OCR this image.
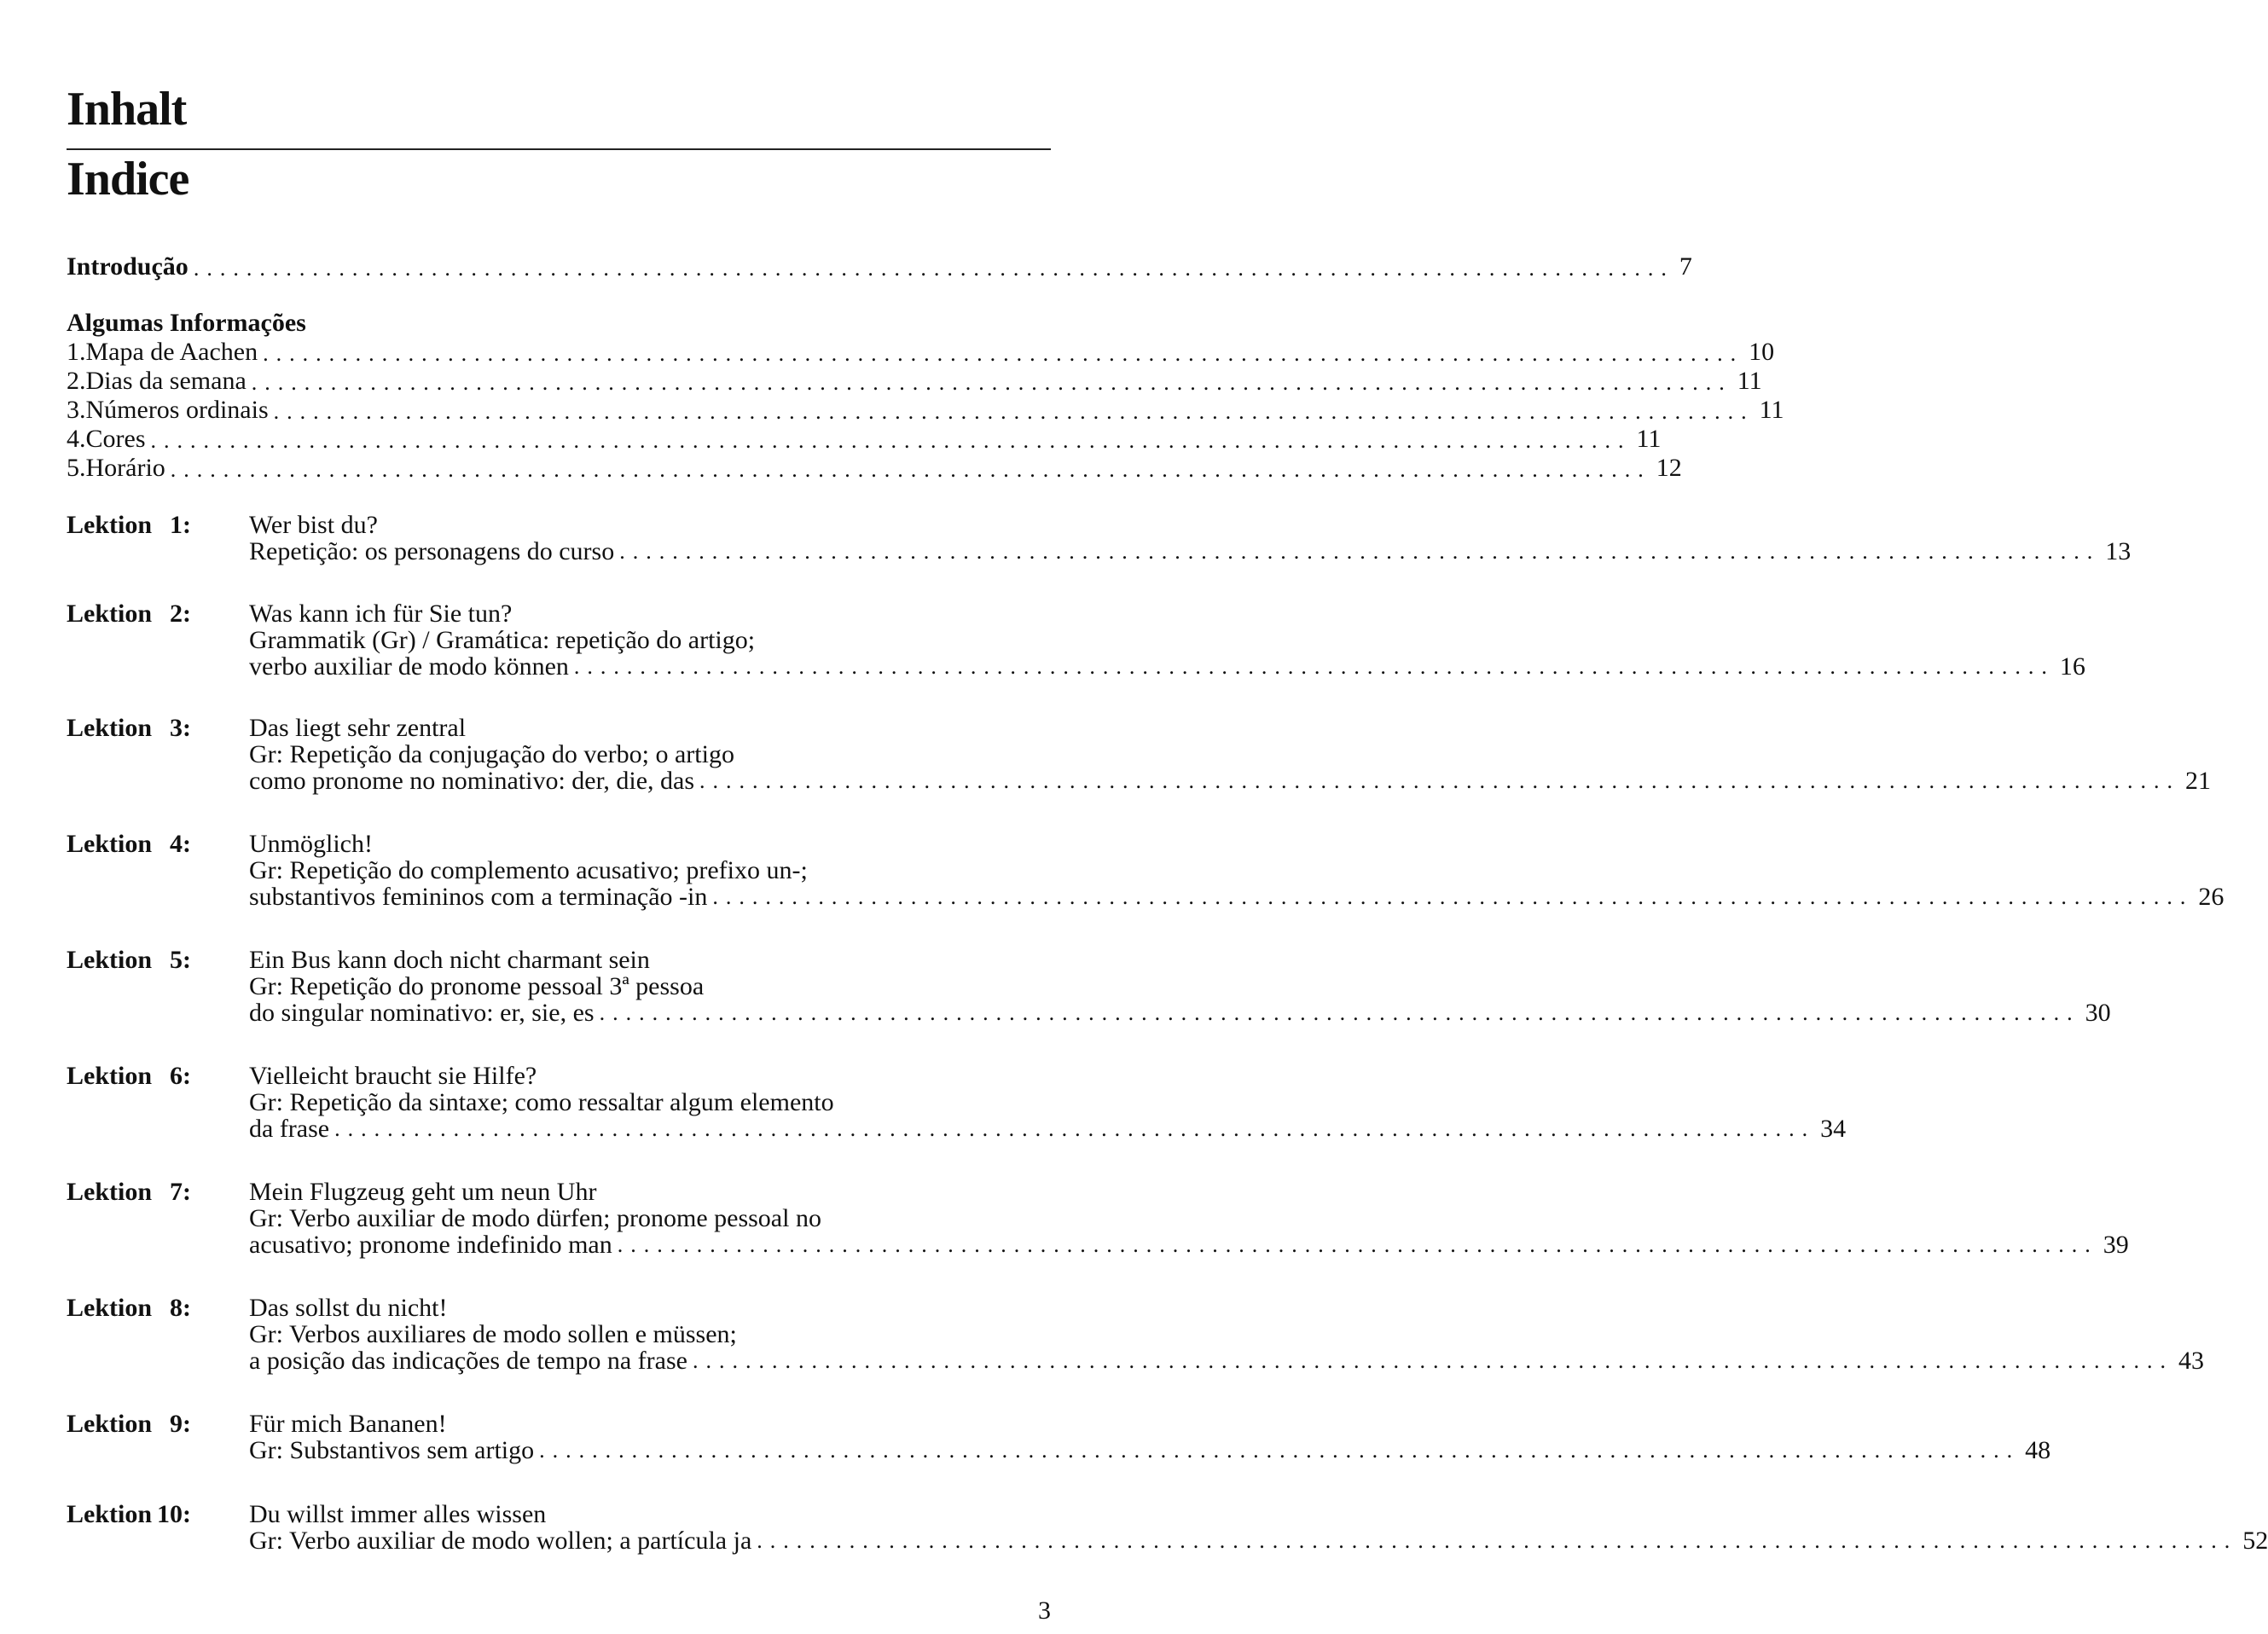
Inhalt
Indice
Introdução ................................................................................................................ 7
Algumas Informações
1. Mapa de Aachen ................................................................................................................ 10
2. Dias da semana ................................................................................................................ 11
3. Números ordinais ................................................................................................................ 11
4. Cores ................................................................................................................ 11
5. Horário ................................................................................................................ 12
Lektion 1:	Wer bist du?
Repetição: os personagens do curso ................................................................................................................ 13
Lektion 2:	Was kann ich für Sie tun?
Grammatik (Gr) / Gramática: repetição do artigo;
verbo auxiliar de modo können ................................................................................................................ 16
Lektion 3:	Das liegt sehr zentral
Gr: Repetição da conjugação do verbo; o artigo
como pronome no nominativo: der, die, das ................................................................................................................ 21
Lektion 4:	Unmöglich!
Gr: Repetição do complemento acusativo; prefixo un-;
substantivos femininos com a terminação -in ................................................................................................................ 26
Lektion 5:	Ein Bus kann doch nicht charmant sein
Gr: Repetição do pronome pessoal 3ª pessoa
do singular nominativo: er, sie, es ................................................................................................................ 30
Lektion 6:	Vielleicht braucht sie Hilfe?
Gr: Repetição da sintaxe; como ressaltar algum elemento
da frase ................................................................................................................ 34
Lektion 7:	Mein Flugzeug geht um neun Uhr
Gr: Verbo auxiliar de modo dürfen; pronome pessoal no
acusativo; pronome indefinido man ................................................................................................................ 39
Lektion 8:	Das sollst du nicht!
Gr: Verbos auxiliares de modo sollen e müssen;
a posição das indicações de tempo na frase ................................................................................................................ 43
Lektion 9:	Für mich Bananen!
Gr: Substantivos sem artigo ................................................................................................................ 48
Lektion 10:	Du willst immer alles wissen
Gr: Verbo auxiliar de modo wollen; a partícula ja ................................................................................................................ 52
3
